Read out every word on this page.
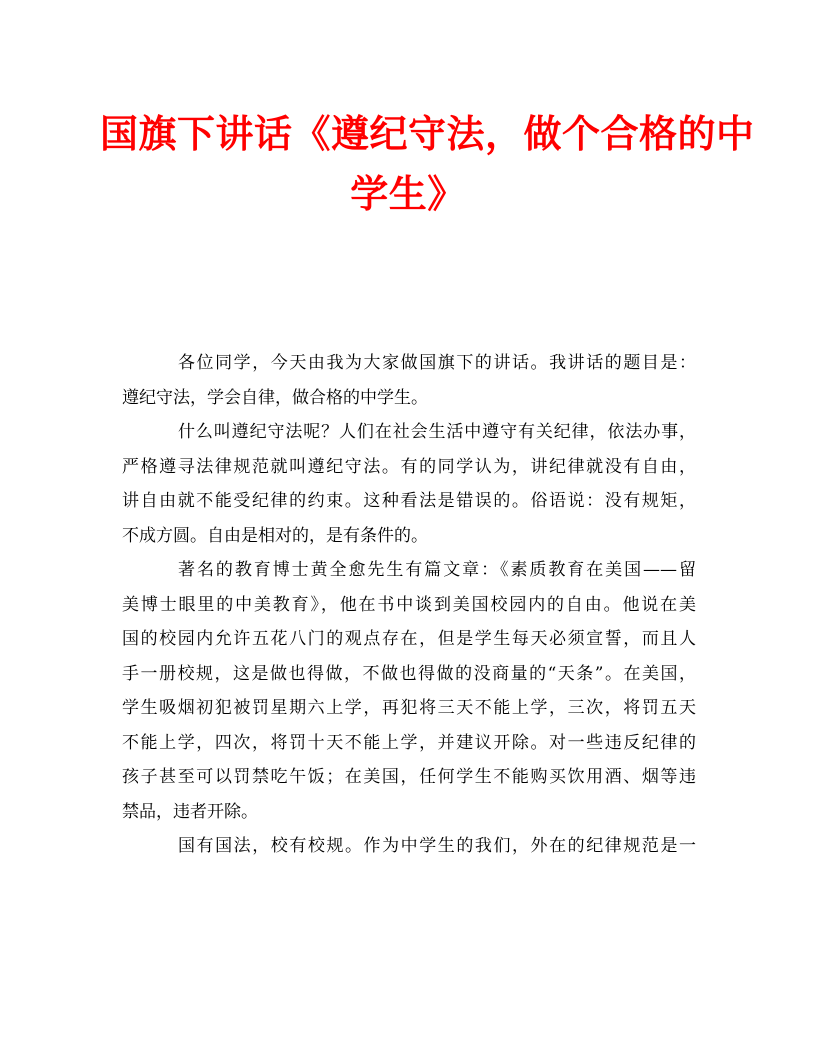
国旗下讲话《遵纪守法，做个合格的中
学生》
各位同学，今天由我为大家做国旗下的讲话。我讲话的题目是：
遵纪守法，学会自律，做合格的中学生。
什么叫遵纪守法呢？人们在社会生活中遵守有关纪律，依法办事，
严格遵寻法律规范就叫遵纪守法。有的同学认为，讲纪律就没有自由，
讲自由就不能受纪律的约束。这种看法是错误的。俗语说：没有规矩，
不成方圆。自由是相对的，是有条件的。
著名的教育博士黄全愈先生有篇文章：《素质教育在美国——留
美博士眼里的中美教育》，他在书中谈到美国校园内的自由。他说在美
国的校园内允许五花八门的观点存在，但是学生每天必须宣誓，而且人
手一册校规，这是做也得做，不做也得做的没商量的“天条”。在美国，
学生吸烟初犯被罚星期六上学，再犯将三天不能上学，三次，将罚五天
不能上学，四次，将罚十天不能上学，并建议开除。对一些违反纪律的
孩子甚至可以罚禁吃午饭；在美国，任何学生不能购买饮用酒、烟等违
禁品，违者开除。
国有国法，校有校规。作为中学生的我们，外在的纪律规范是一
